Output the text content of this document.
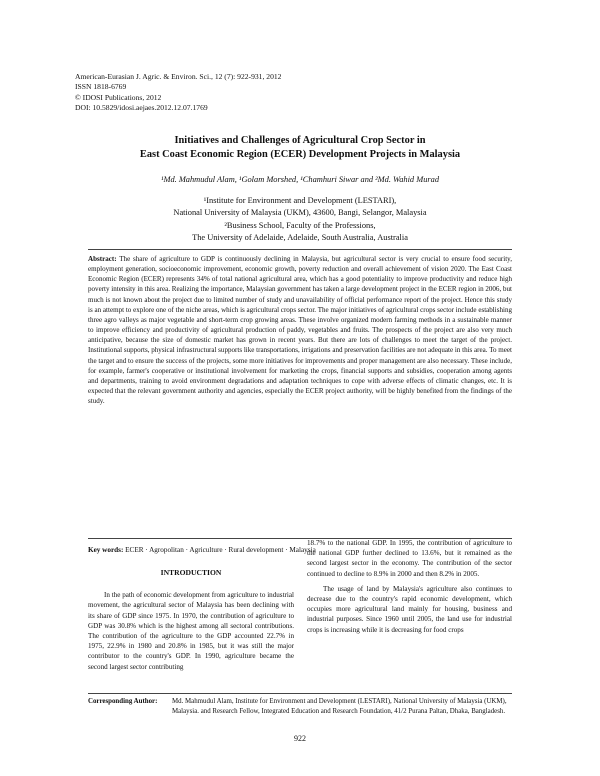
American-Eurasian J. Agric. & Environ. Sci., 12 (7): 922-931, 2012
ISSN 1818-6769
© IDOSI Publications, 2012
DOI: 10.5829/idosi.aejaes.2012.12.07.1769
Initiatives and Challenges of Agricultural Crop Sector in
East Coast Economic Region (ECER) Development Projects in Malaysia
¹Md. Mahmudul Alam, ¹Golam Morshed, ¹Chamhuri Siwar and ²Md. Wahid Murad
¹Institute for Environment and Development (LESTARI),
National University of Malaysia (UKM), 43600, Bangi, Selangor, Malaysia
²Business School, Faculty of the Professions,
The University of Adelaide, Adelaide, South Australia, Australia
Abstract: The share of agriculture to GDP is continuously declining in Malaysia, but agricultural sector is very crucial to ensure food security, employment generation, socioeconomic improvement, economic growth, poverty reduction and overall achievement of vision 2020. The East Coast Economic Region (ECER) represents 34% of total national agricultural area, which has a good potentiality to improve productivity and reduce high poverty intensity in this area. Realizing the importance, Malaysian government has taken a large development project in the ECER region in 2006, but much is not known about the project due to limited number of study and unavailability of official performance report of the project. Hence this study is an attempt to explore one of the niche areas, which is agricultural crops sector. The major initiatives of agricultural crops sector include establishing three agro valleys as major vegetable and short-term crop growing areas. These involve organized modern farming methods in a sustainable manner to improve efficiency and productivity of agricultural production of paddy, vegetables and fruits. The prospects of the project are also very much anticipative, because the size of domestic market has grown in recent years. But there are lots of challenges to meet the target of the project. Institutional supports, physical infrastructural supports like transportations, irrigations and preservation facilities are not adequate in this area. To meet the target and to ensure the success of the projects, some more initiatives for improvements and proper management are also necessary. These include, for example, farmer's cooperative or institutional involvement for marketing the crops, financial supports and subsidies, cooperation among agents and departments, training to avoid environment degradations and adaptation techniques to cope with adverse effects of climatic changes, etc. It is expected that the relevant government authority and agencies, especially the ECER project authority, will be highly benefited from the findings of the study.
Key words: ECER · Agropolitan · Agriculture · Rural development · Malaysia
INTRODUCTION

In the path of economic development from agriculture to industrial movement, the agricultural sector of Malaysia has been declining with its share of GDP since 1975. In 1970, the contribution of agriculture to GDP was 30.8% which is the highest among all sectoral contributions. The contribution of the agriculture to the GDP accounted 22.7% in 1975, 22.9% in 1980 and 20.8% in 1985, but it was still the major contributor to the country's GDP. In 1990, agriculture became the second largest sector contributing

18.7% to the national GDP. In 1995, the contribution of agriculture to the national GDP further declined to 13.6%, but it remained as the second largest sector in the economy. The contribution of the sector continued to decline to 8.9% in 2000 and then 8.2% in 2005.

The usage of land by Malaysia's agriculture also continues to decrease due to the country's rapid economic development, which occupies more agricultural land mainly for housing, business and industrial purposes. Since 1960 until 2005, the land use for industrial crops is increasing while it is decreasing for food crops

Corresponding Author:	Md. Mahmudul Alam, Institute for Environment and Development (LESTARI), National University of Malaysia (UKM), Malaysia. and Research Fellow, Integrated Education and Research Foundation, 41/2 Purana Paltan, Dhaka, Bangladesh.
922
